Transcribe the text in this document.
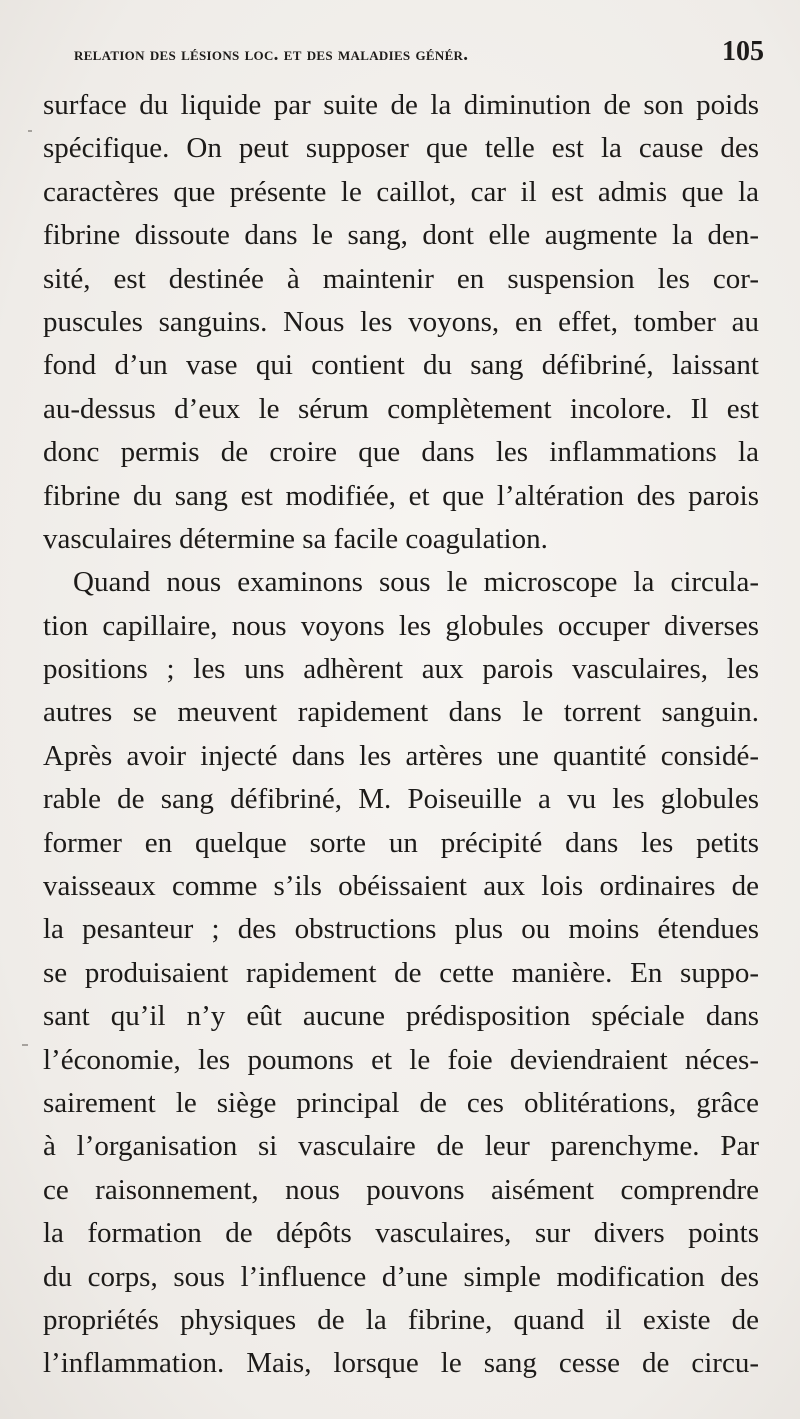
relation des lésions loc. et des maladies génér.	105
surface du liquide par suite de la diminution de son poids
spécifique. On peut supposer que telle est la cause des
caractères que présente le caillot, car il est admis que la
fibrine dissoute dans le sang, dont elle augmente la den-
sité, est destinée à maintenir en suspension les cor-
puscules sanguins. Nous les voyons, en effet, tomber au
fond d’un vase qui contient du sang défibriné, laissant
au-dessus d’eux le sérum complètement incolore. Il est
donc permis de croire que dans les inflammations la
fibrine du sang est modifiée, et que l’altération des parois
vasculaires détermine sa facile coagulation.
Quand nous examinons sous le microscope la circula-
tion capillaire, nous voyons les globules occuper diverses
positions ; les uns adhèrent aux parois vasculaires, les
autres se meuvent rapidement dans le torrent sanguin.
Après avoir injecté dans les artères une quantité considé-
rable de sang défibriné, M. Poiseuille a vu les globules
former en quelque sorte un précipité dans les petits
vaisseaux comme s’ils obéissaient aux lois ordinaires de
la pesanteur ; des obstructions plus ou moins étendues
se produisaient rapidement de cette manière. En suppo-
sant qu’il n’y eût aucune prédisposition spéciale dans
l’économie, les poumons et le foie deviendraient néces-
sairement le siège principal de ces oblitérations, grâce
à l’organisation si vasculaire de leur parenchyme. Par
ce raisonnement, nous pouvons aisément comprendre
la formation de dépôts vasculaires, sur divers points
du corps, sous l’influence d’une simple modification des
propriétés physiques de la fibrine, quand il existe de
l’inflammation. Mais, lorsque le sang cesse de circu-
